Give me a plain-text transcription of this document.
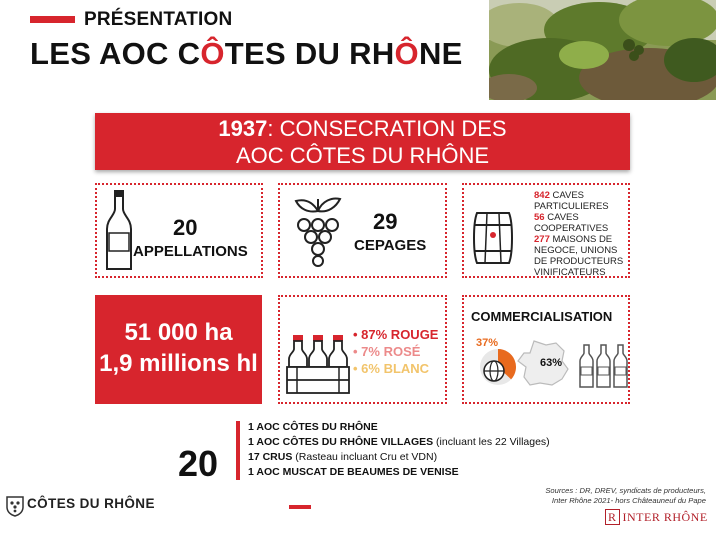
PRÉSENTATION
LES AOC CÔTES DU RHÔNE
1937: CONSECRATION DES
AOC CÔTES DU RHÔNE
20
APPELLATIONS
29
CEPAGES
842 CAVES PARTICULIERES
56 CAVES COOPERATIVES
277 MAISONS DE NEGOCE, UNIONS DE PRODUCTEURS VINIFICATEURS
51 000 ha
1,9 millions hl
• 87% ROUGE
• 7% ROSÉ
• 6% BLANC
COMMERCIALISATION
37%
63%
20
1 AOC CÔTES DU RHÔNE
1 AOC CÔTES DU RHÔNE VILLAGES (incluant les 22 Villages)
17 CRUS (Rasteau incluant Cru et VDN)
1 AOC MUSCAT DE BEAUMES DE VENISE
Sources : DR, DREV, syndicats de producteurs,
Inter Rhône 2021- hors Châteauneuf du Pape
CÔTES DU RHÔNE
R INTER RHÔNE
